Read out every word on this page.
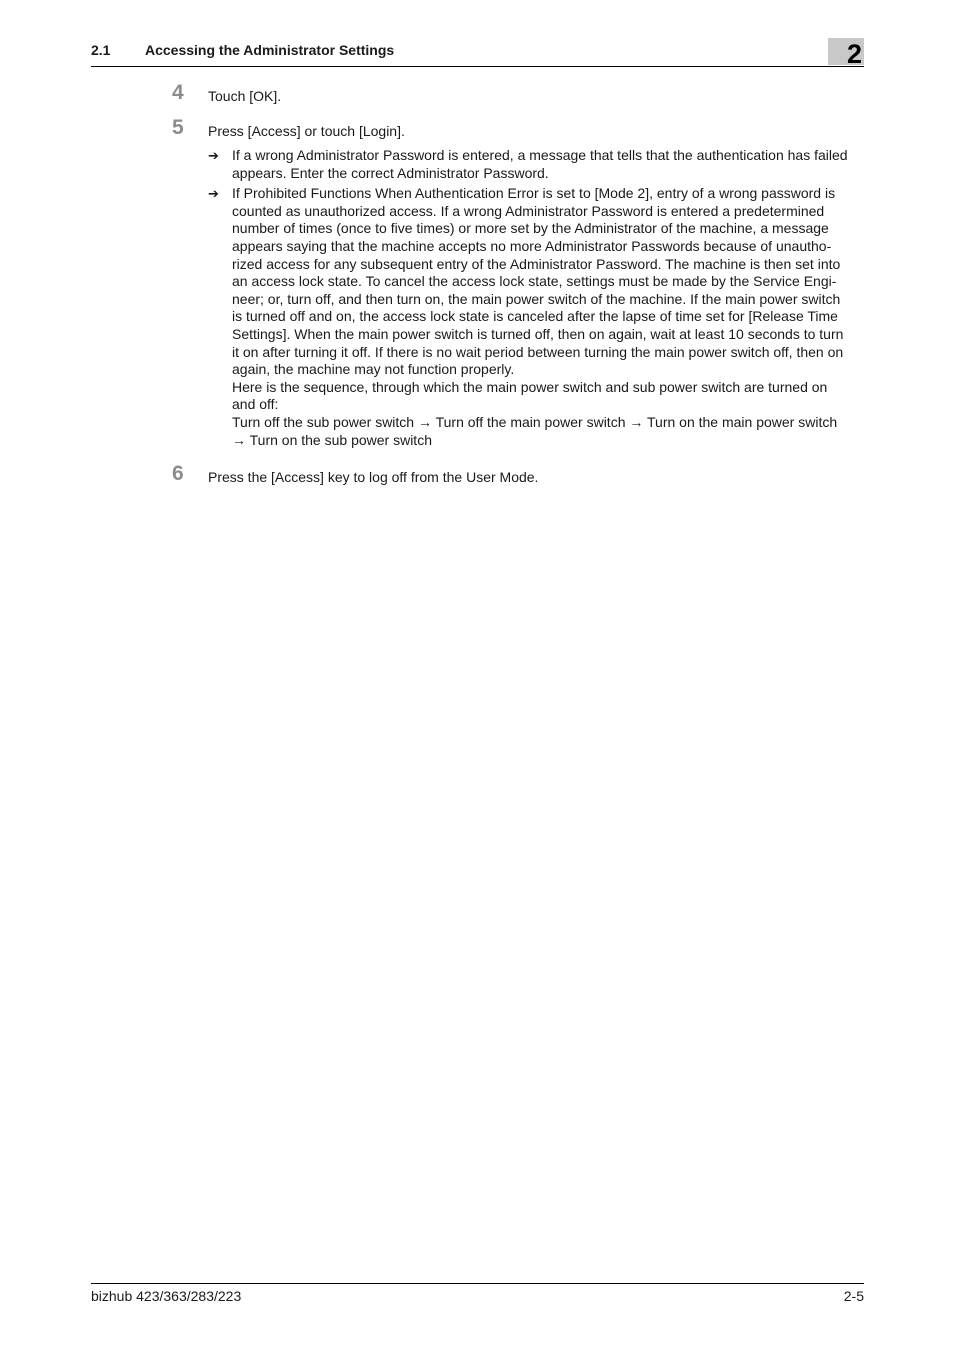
2.1 Accessing the Administrator Settings	2
4 Touch [OK].
5 Press [Access] or touch [Login].
➔ If a wrong Administrator Password is entered, a message that tells that the authentication has failed
appears. Enter the correct Administrator Password.
➔ If Prohibited Functions When Authentication Error is set to [Mode 2], entry of a wrong password is
counted as unauthorized access. If a wrong Administrator Password is entered a predetermined
number of times (once to five times) or more set by the Administrator of the machine, a message
appears saying that the machine accepts no more Administrator Passwords because of unautho-
rized access for any subsequent entry of the Administrator Password. The machine is then set into
an access lock state. To cancel the access lock state, settings must be made by the Service Engi-
neer; or, turn off, and then turn on, the main power switch of the machine. If the main power switch
is turned off and on, the access lock state is canceled after the lapse of time set for [Release Time
Settings]. When the main power switch is turned off, then on again, wait at least 10 seconds to turn
it on after turning it off. If there is no wait period between turning the main power switch off, then on
again, the machine may not function properly.
Here is the sequence, through which the main power switch and sub power switch are turned on
and off:
Turn off the sub power switch → Turn off the main power switch → Turn on the main power switch
→ Turn on the sub power switch
6 Press the [Access] key to log off from the User Mode.
bizhub 423/363/283/223	2-5
